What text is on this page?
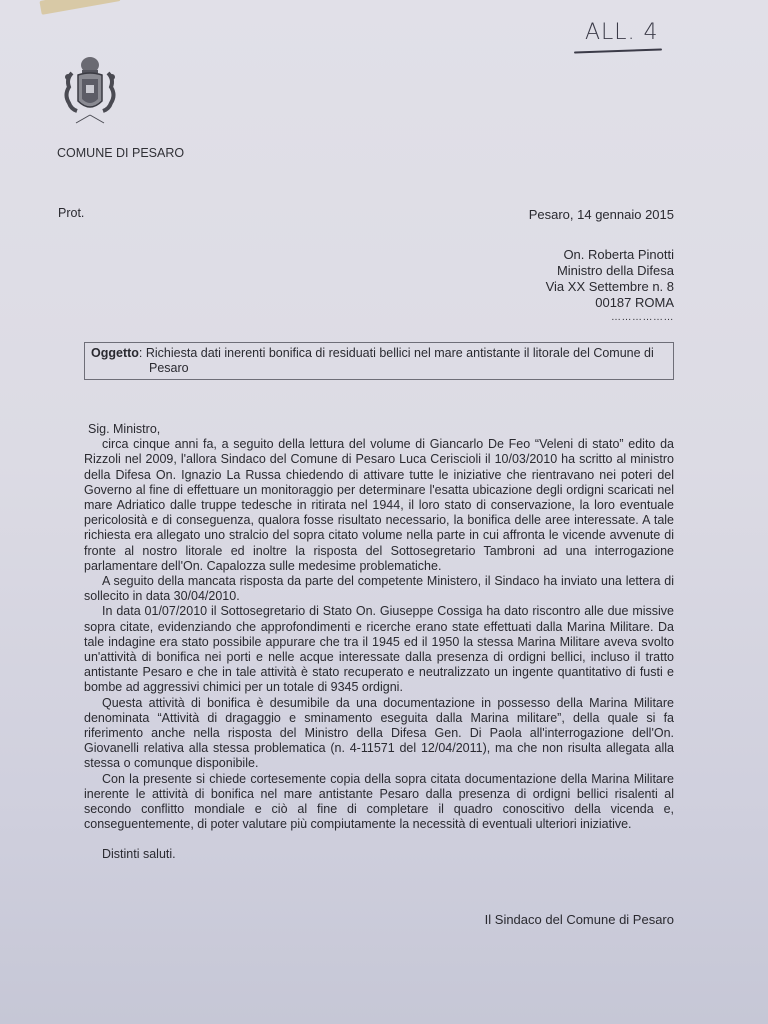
ALL. 4
COMUNE DI PESARO
Prot.	Pesaro, 14 gennaio 2015
On. Roberta Pinotti
Ministro della Difesa
Via XX Settembre n. 8
00187 ROMA
………………
Oggetto: Richiesta dati inerenti bonifica di residuati bellici nel mare antistante il litorale del Comune di
Pesaro

Sig. Ministro,

circa cinque anni fa, a seguito della lettura del volume di Giancarlo De Feo “Veleni di stato” edito da Rizzoli nel 2009, l'allora Sindaco del Comune di Pesaro Luca Ceriscioli il 10/03/2010 ha scritto al ministro della Difesa On. Ignazio La Russa chiedendo di attivare tutte le iniziative che rientravano nei poteri del Governo al fine di effettuare un monitoraggio per determinare l'esatta ubicazione degli ordigni scaricati nel mare Adriatico dalle truppe tedesche in ritirata nel 1944, il loro stato di conservazione, la loro eventuale pericolosità e di conseguenza, qualora fosse risultato necessario, la bonifica delle aree interessate. A tale richiesta era allegato uno stralcio del sopra citato volume nella parte in cui affronta le vicende avvenute di fronte al nostro litorale ed inoltre la risposta del Sottosegretario Tambroni ad una interrogazione parlamentare dell'On. Capalozza sulle medesime problematiche.

A seguito della mancata risposta da parte del competente Ministero, il Sindaco ha inviato una lettera di sollecito in data 30/04/2010.

In data 01/07/2010 il Sottosegretario di Stato On. Giuseppe Cossiga ha dato riscontro alle due missive sopra citate, evidenziando che approfondimenti e ricerche erano state effettuati dalla Marina Militare. Da tale indagine era stato possibile appurare che tra il 1945 ed il 1950 la stessa Marina Militare aveva svolto un'attività di bonifica nei porti e nelle acque interessate dalla presenza di ordigni bellici, incluso il tratto antistante Pesaro e che in tale attività è stato recuperato e neutralizzato un ingente quantitativo di fusti e bombe ad aggressivi chimici per un totale di 9345 ordigni.

Questa attività di bonifica è desumibile da una documentazione in possesso della Marina Militare denominata “Attività di dragaggio e sminamento eseguita dalla Marina militare”, della quale si fa riferimento anche nella risposta del Ministro della Difesa Gen. Di Paola all'interrogazione dell'On. Giovanelli relativa alla stessa problematica (n. 4-11571 del 12/04/2011), ma che non risulta allegata alla stessa o comunque disponibile.

Con la presente si chiede cortesemente copia della sopra citata documentazione della Marina Militare inerente le attività di bonifica nel mare antistante Pesaro dalla presenza di ordigni bellici risalenti al secondo conflitto mondiale e ciò al fine di completare il quadro conoscitivo della vicenda e, conseguentemente, di poter valutare più compiutamente la necessità di eventuali ulteriori iniziative.

Distinti saluti.
Il Sindaco del Comune di Pesaro
